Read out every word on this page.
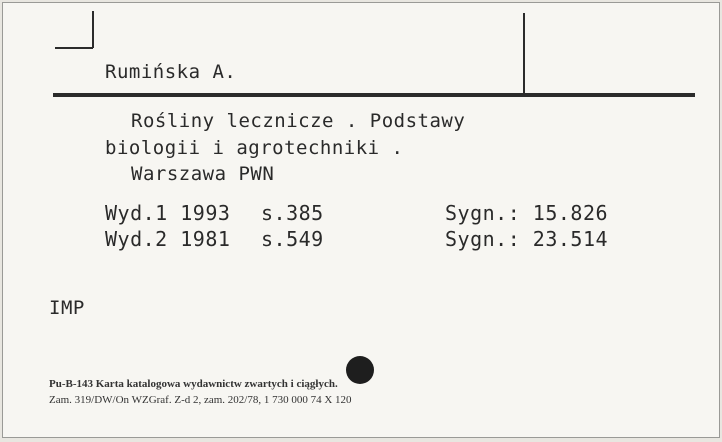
Rumińska A.
Rośliny lecznicze . Podstawy
biologii i agrotechniki .
Warszawa PWN
Wyd.1 1993 s.385	Sygn.: 15.826
Wyd.2 1981 s.549	Sygn.: 23.514
IMP
Pu-B-143 Karta katalogowa wydawnictw zwartych i ciągłych.
Zam. 319/DW/On WZGraf. Z-d 2, zam. 202/78, 1 730 000 74 X 120
